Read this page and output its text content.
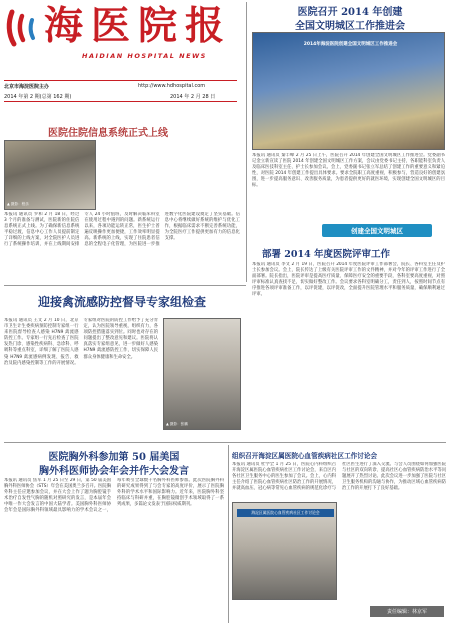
海医院报
HAIDIAN HOSPITAL NEWS
北京市海淀医院主办	http://www.hdhospital.com
2014 年第 2 期(总第 162 期)	2014 年 2 月 28 日
医院召开 2014 年创建
全国文明城区工作推进会
2014年海淀医院创建全国文明城区工作推进会
本报讯 通讯员 秦丰峰 2 月 25 日上午，医院召开 2014 年创建全国文明城区工作推进会。党委副书记金立新宣读了医院 2014 年创建全国文明城区工作方案，会议由党委书记主持，各职能科室负责人及临床医技科室主任、护士长参加会议。会上，党委副书记张立军总结了创建工作的重要意义和紧迫性，对医院 2014 年创建工作提出具体要求。要求全院职工高度重视，积极参与，营造良好的创建氛围，进一步提高服务意识、改善服务质量，为患者提供更好的就医环境，实现创建全国文明城区的目标。
创建全国文明城区
医院住院信息系统正式上线
▲ 摄影：程乐
本报讯 通讯员 罗和 2 月 18 日，经过 3 个月的准备与测试，医院新的住院信息系统正式上线。为了确保新信息系统平稳过渡，信息中心工作人员提前制定了详细的上线方案，对全院医护人员进行了系统操作培训，并在上线期间安排专人 24 小时值班，及时解决临床科室在使用过程中遇到的问题。新系统运行以来，各项功能运转正常，医生护士普遍反映操作更加便捷，工作效率明显提高。新系统的上线，实现了住院患者信息的全程电子化管理，为医院进一步推进数字化医院建设奠定了坚实基础。信息中心将继续做好系统的维护与优化工作，根据临床需求不断完善系统功能，为全院医疗工作提供更加有力的信息化支撑。
部署 2014 年度医院评审工作
本报讯 通讯员 李文 2 月 19 日，医院召开 2014 年度医院评审工作部署会，院长、各科室主任及护士长参加会议。会上，院长传达了上级有关医院评审工作的文件精神，并对今年的评审工作进行了全面部署。院长指出，医院评审是提高医疗质量、保障医疗安全的重要手段，各科室要高度重视，对照评审标准认真查找不足，切实做好整改工作。会议要求各科室明确分工，责任到人，按照时间节点有序推进各项评审准备工作，以评促建，以评促改，全面提升医院管理水平和服务质量，确保顺利通过评审。
迎接禽流感防控督导专家组检查
▲ 摄影：张鹏
本报讯 通讯员 王文 2 月 10 日，北京市卫生计生委疾病预防控制专家组一行来医院督导检查人感染 H7N9 禽流感防控工作。专家组一行先后检查了医院发热门诊、感染性疾病科、急诊科、呼吸科等重点科室，详细了解了医院人感染 H7N9 禽流感病例发现、报告、救治及院内感染控制等工作的开展情况。专家组对医院的防控工作给予了充分肯定，认为医院领导重视，组织有力，各项防控措施落实到位。同时也对存在的问题提出了整改意见和建议。医院将认真落实专家组意见，进一步做好人感染 H7N9 禽流感防控工作，切实保障人民群众身体健康和生命安全。
医院胸外科参加第 50 届美国
胸外科医师协会年会并作大会发言
本报讯 通讯员 焦军 1 月 25 日至 29 日，第 50 届美国胸外科医师协会（STS）年会在美国奥兰多召开。医院胸外科主任应邀参加会议，并在大会上作了题为胸腔镜手术治疗自发性气胸的随机对照研究的发言，是本届年会中唯一作大会发言的中国大陆学者。美国胸外科医师协会年会是国际胸外科领域最具影响力的学术会议之一，每年吸引全球数千名胸外科医师参加。此次医院胸外科的研究成果得到了与会专家的高度评价，展示了医院胸外科的学术水平和国际影响力。近年来，医院胸外科坚持临床与科研并重，在胸腔镜微创手术领域取得了一系列成果，多篇论文发表于国际权威期刊。
组织召开海淀区属医院心血管疾病社区工作讨论会
海淀区属医院心血管疾病社区工作讨论会
本报讯 通讯员 杜学全 1 月 25 日，医院心内科组织召开海淀区属医院心血管疾病社区工作讨论会，来自区内各社区卫生服务中心的医生参加了会议。会上，心内科主任介绍了医院心血管疾病社区防治工作的开展情况，并就高血压、冠心病等常见心血管疾病的规范化诊疗与社区医生进行了深入交流。与会人员围绕如何加强医院与社区的双向转诊、提高社区心血管疾病防治水平等问题展开了热烈讨论。此次会议进一步加强了医院与社区卫生服务机构的沟通与协作，为推动区域心血管疾病防治工作的开展打下了良好基础。
责任编辑：林京军
